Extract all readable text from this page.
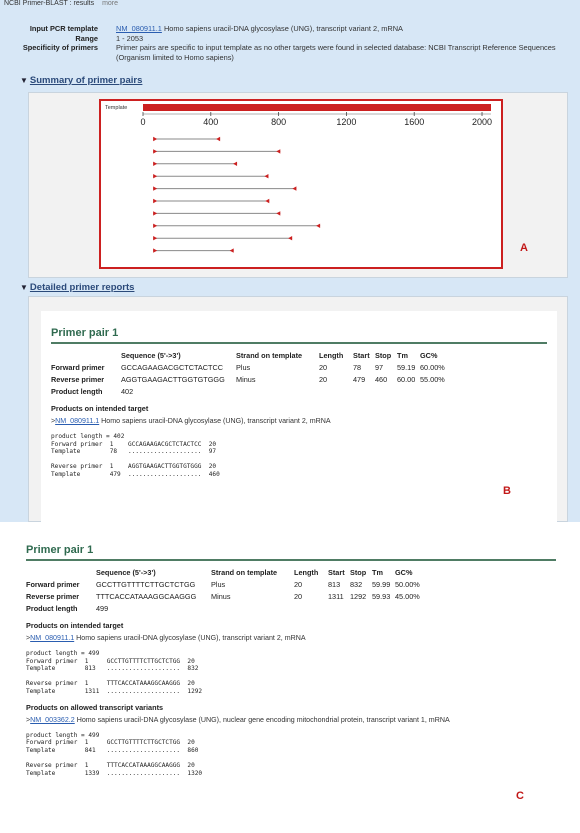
NCBI Primer-BLAST : results more
Input PCR template	NM_080911.1 Homo sapiens uracil-DNA glycosylase (UNG), transcript variant 2, mRNA
Range	1 - 2053
Specificity of primers	Primer pairs are specific to input template as no other targets were found in selected database: NCBI Transcript Reference Sequences (Organism limited to Homo sapiens)
▼ Summary of primer pairs
Template
0	400	800	1200	1600	2000
A
▼ Detailed primer reports
Primer pair 1
	Sequence (5'->3')	Strand on template	Length	Start	Stop	Tm	GC%
Forward primer	GCCAGAAGACGCTCTACTCC	Plus	20	78	97	59.19	60.00%
Reverse primer	AGGTGAAGACTTGGTGTGGG	Minus	20	479	460	60.00	55.00%
Product length	402						
Products on intended target
>NM_080911.1 Homo sapiens uracil-DNA glycosylase (UNG), transcript variant 2, mRNA
product length = 402
Forward primer  1    GCCAGAAGACGCTCTACTCC  20
Template        78   ....................  97

Reverse primer  1    AGGTGAAGACTTGGTGTGGG  20
Template        479  ....................  460
B
Primer pair 1
	Sequence (5'->3')	Strand on template	Length	Start	Stop	Tm	GC%
Forward primer	GCCTTGTTTTCTTGCTCTGG	Plus	20	813	832	59.99	50.00%
Reverse primer	TTTCACCATAAAGGCAAGGG	Minus	20	1311	1292	59.93	45.00%
Product length	499						
Products on intended target
>NM_080911.1 Homo sapiens uracil-DNA glycosylase (UNG), transcript variant 2, mRNA
product length = 499
Forward primer  1     GCCTTGTTTTCTTGCTCTGG  20
Template        813   ....................  832

Reverse primer  1     TTTCACCATAAAGGCAAGGG  20
Template        1311  ....................  1292
Products on allowed transcript variants
>NM_003362.2 Homo sapiens uracil-DNA glycosylase (UNG), nuclear gene encoding mitochondrial protein, transcript variant 1, mRNA
product length = 499
Forward primer  1     GCCTTGTTTTCTTGCTCTGG  20
Template        841   ....................  860

Reverse primer  1     TTTCACCATAAAGGCAAGGG  20
Template        1339  ....................  1320
C
